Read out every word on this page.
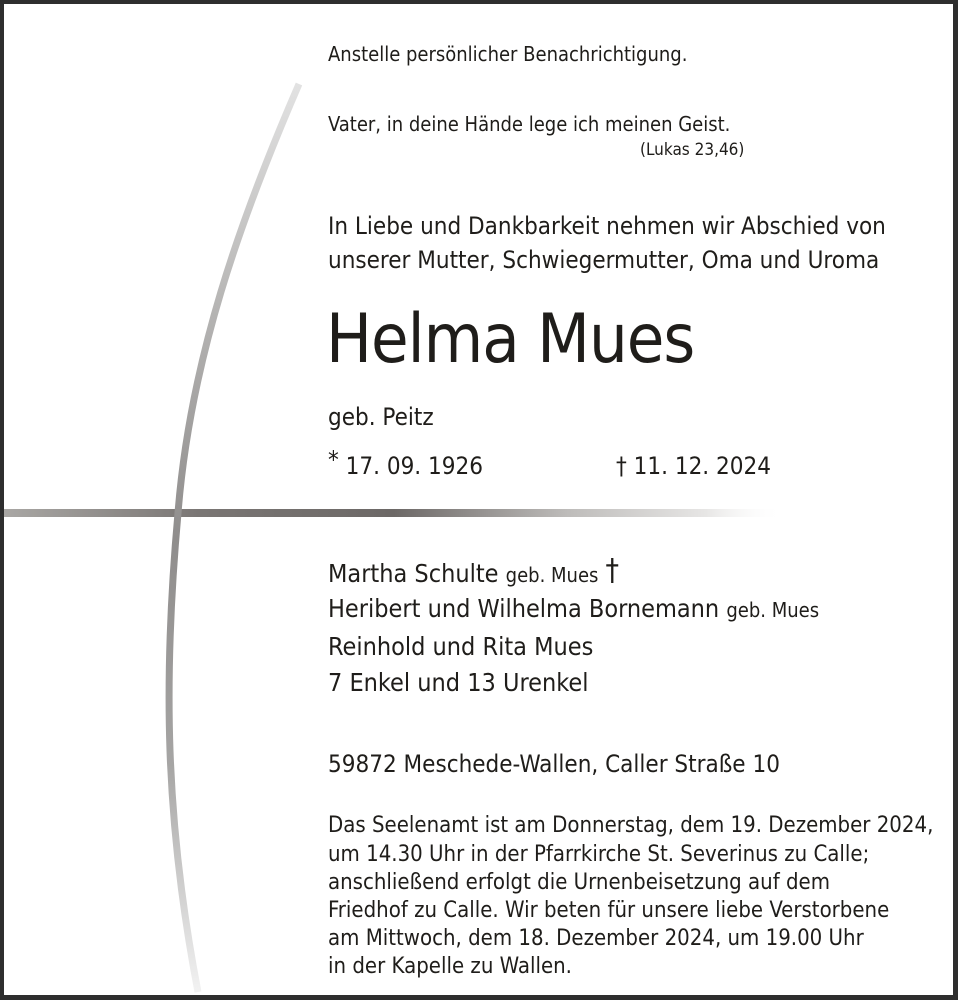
Anstelle persönlicher Benachrichtigung.
Vater, in deine Hände lege ich meinen Geist.
(Lukas 23,46)
In Liebe und Dankbarkeit nehmen wir Abschied von
unserer Mutter, Schwiegermutter, Oma und Uroma
Helma Mues
geb. Peitz
* 17. 09. 1926	† 11. 12. 2024
Martha Schulte geb. Mues †
Heribert und Wilhelma Bornemann geb. Mues
Reinhold und Rita Mues
7 Enkel und 13 Urenkel
59872 Meschede-Wallen, Caller Straße 10
Das Seelenamt ist am Donnerstag, dem 19. Dezember 2024,
um 14.30 Uhr in der Pfarrkirche St. Severinus zu Calle;
anschließend erfolgt die Urnenbeisetzung auf dem
Friedhof zu Calle. Wir beten für unsere liebe Verstorbene
am Mittwoch, dem 18. Dezember 2024, um 19.00 Uhr
in der Kapelle zu Wallen.
